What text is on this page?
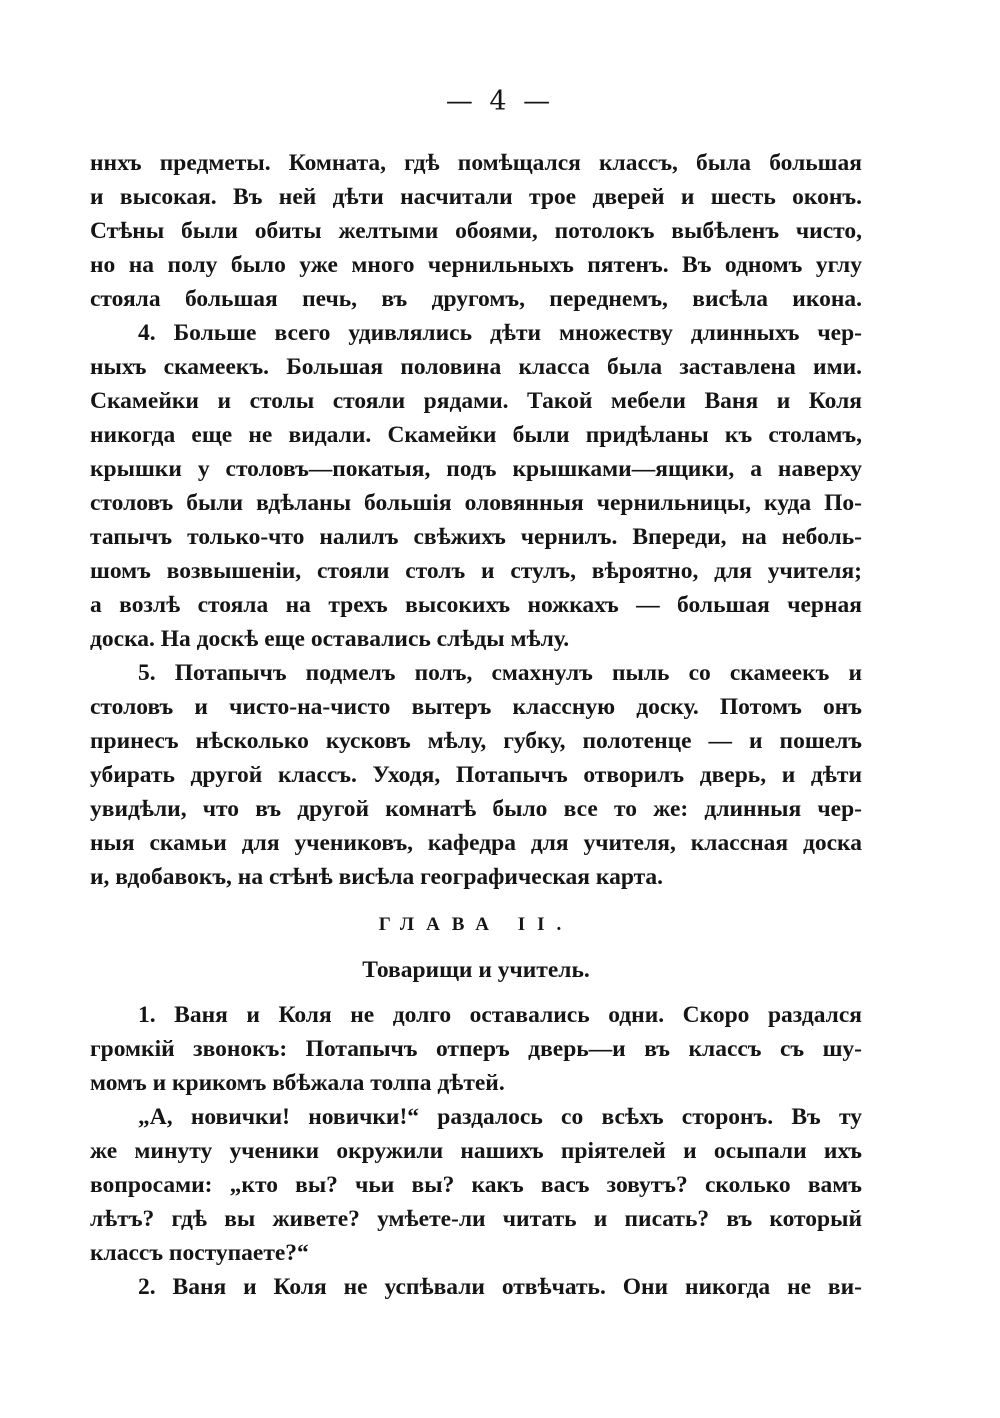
— 4 —
ннхъ предметы. Комната, гдѣ помѣщался классъ, была большая
и высокая. Въ ней дѣти насчитали трое дверей и шесть оконъ.
Стѣны были обиты желтыми обоями, потолокъ выбѣленъ чисто,
но на полу было уже много чернильныхъ пятенъ. Въ одномъ углу
стояла большая печь, въ другомъ, переднемъ, висѣла икона.
4. Больше всего удивлялись дѣти множеству длинныхъ чер-
ныхъ скамеекъ. Большая половина класса была заставлена ими.
Скамейки и столы стояли рядами. Такой мебели Ваня и Коля
никогда еще не видали. Скамейки были придѣланы къ столамъ,
крышки у столовъ—покатыя, подъ крышками—ящики, а наверху
столовъ были вдѣланы большія оловянныя чернильницы, куда По-
тапычъ только-что налилъ свѣжихъ чернилъ. Впереди, на неболь-
шомъ возвышеніи, стояли столъ и стулъ, вѣроятно, для учителя;
а возлѣ стояла на трехъ высокихъ ножкахъ — большая черная
доска. На доскѣ еще оставались слѣды мѣлу.
5. Потапычъ подмелъ полъ, смахнулъ пыль со скамеекъ и
столовъ и чисто-на-чисто вытеръ классную доску. Потомъ онъ
принесъ нѣсколько кусковъ мѣлу, губку, полотенце — и пошелъ
убирать другой классъ. Уходя, Потапычъ отворилъ дверь, и дѣти
увидѣли, что въ другой комнатѣ было все то же: длинныя чер-
ныя скамьи для учениковъ, кафедра для учителя, классная доска
и, вдобавокъ, на стѣнѣ висѣла географическая карта.
ГЛАВА II.
Товарищи и учитель.
1. Ваня и Коля не долго оставались одни. Скоро раздался
громкій звонокъ: Потапычъ отперъ дверь—и въ классъ съ шу-
момъ и крикомъ вбѣжала толпа дѣтей.
„А, новички! новички!“ раздалось со всѣхъ сторонъ. Въ ту
же минуту ученики окружили нашихъ пріятелей и осыпали ихъ
вопросами: „кто вы? чьи вы? какъ васъ зовутъ? сколько вамъ
лѣтъ? гдѣ вы живете? умѣете-ли читать и писать? въ который
классъ поступаете?“
2. Ваня и Коля не успѣвали отвѣчать. Они никогда не ви-
